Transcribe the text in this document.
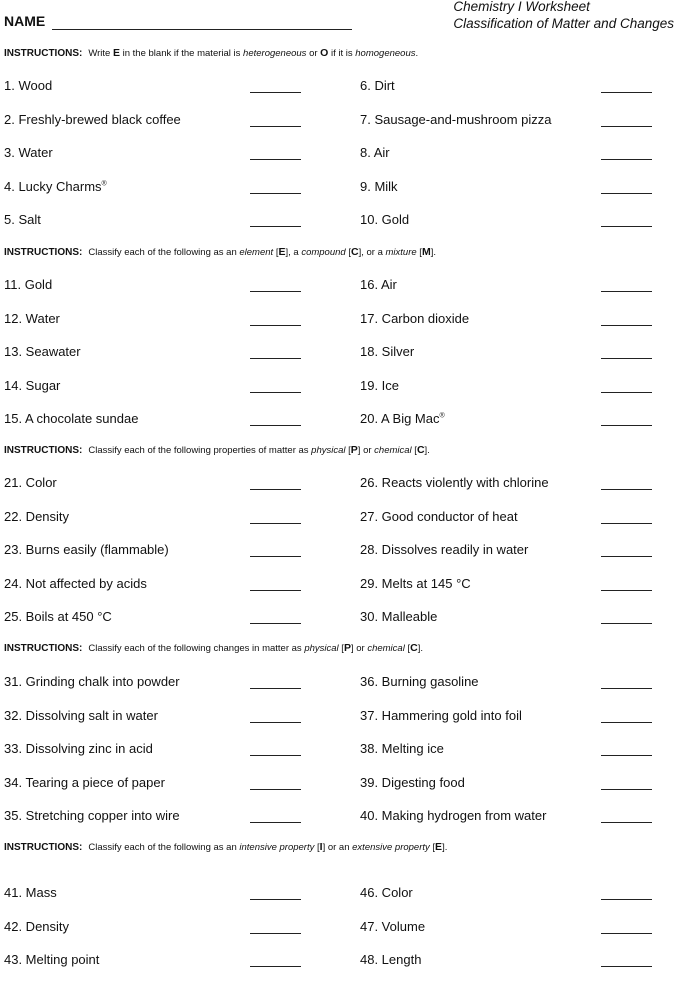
NAME
Chemistry I Worksheet
Classification of Matter and Changes
INSTRUCTIONS: Write E in the blank if the material is heterogeneous or O if it is homogeneous.
1. Wood	6. Dirt
2. Freshly-brewed black coffee	7. Sausage-and-mushroom pizza
3. Water	8. Air
4. Lucky Charms®	9. Milk
5. Salt	10. Gold
INSTRUCTIONS: Classify each of the following as an element [E], a compound [C], or a mixture [M].
11. Gold	16. Air
12. Water	17. Carbon dioxide
13. Seawater	18. Silver
14. Sugar	19. Ice
15. A chocolate sundae	20. A Big Mac®
INSTRUCTIONS: Classify each of the following properties of matter as physical [P] or chemical [C].
21. Color	26. Reacts violently with chlorine
22. Density	27. Good conductor of heat
23. Burns easily (flammable)	28. Dissolves readily in water
24. Not affected by acids	29. Melts at 145 °C
25. Boils at 450 °C	30. Malleable
INSTRUCTIONS: Classify each of the following changes in matter as physical [P] or chemical [C].
31. Grinding chalk into powder	36. Burning gasoline
32. Dissolving salt in water	37. Hammering gold into foil
33. Dissolving zinc in acid	38. Melting ice
34. Tearing a piece of paper	39. Digesting food
35. Stretching copper into wire	40. Making hydrogen from water
INSTRUCTIONS: Classify each of the following as an intensive property [I] or an extensive property [E].
41. Mass	46. Color
42. Density	47. Volume
43. Melting point	48. Length
